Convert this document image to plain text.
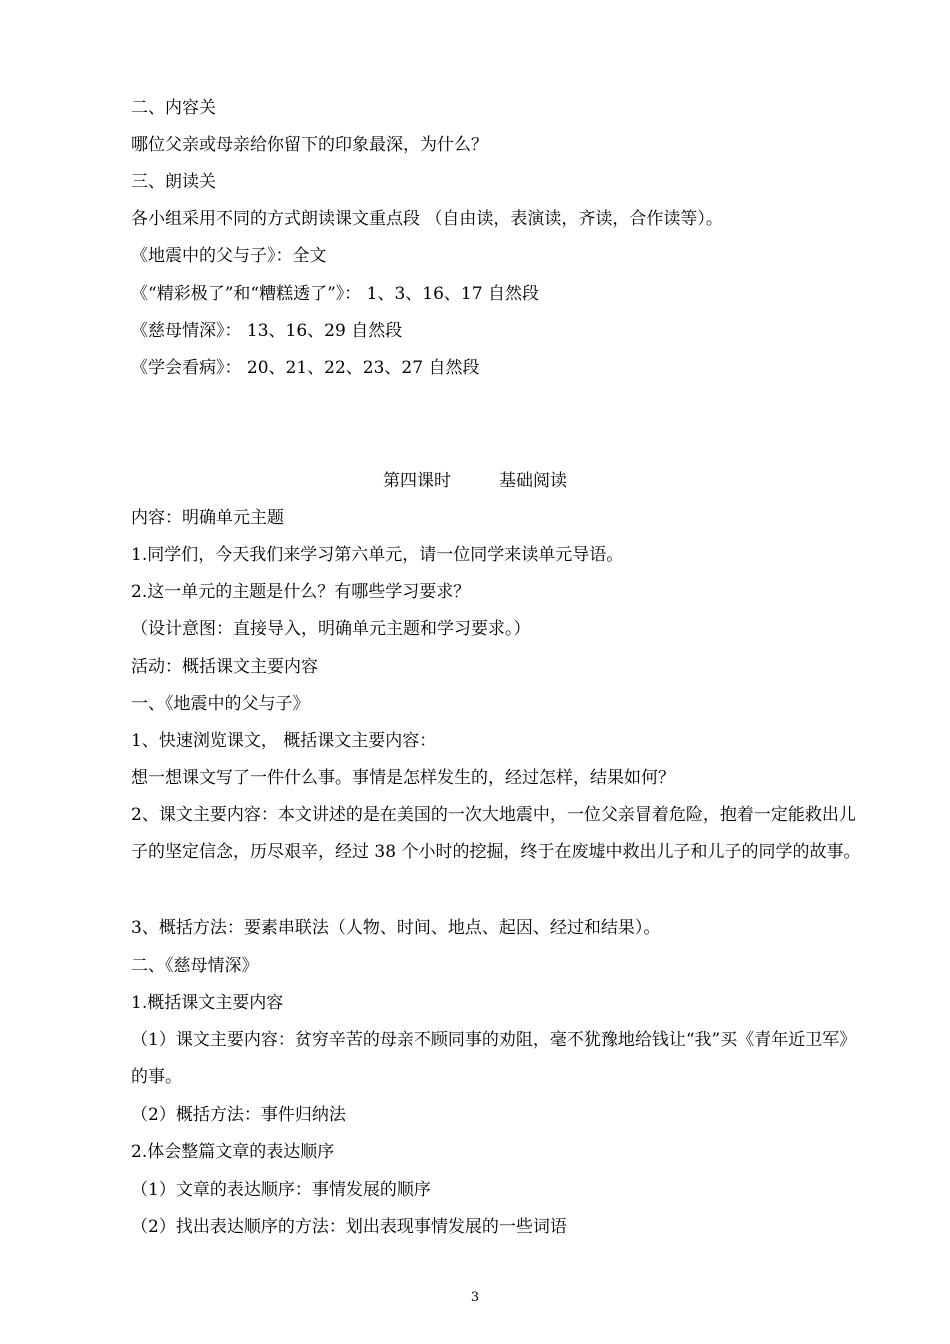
二、内容关
哪位父亲或母亲给你留下的印象最深，为什么？
三、朗读关
各小组采用不同的方式朗读课文重点段 （自由读，表演读，齐读，合作读等）。
《地震中的父与子》：全文
《“精彩极了”和“糟糕透了”》： 1、3、16、17 自然段
《慈母情深》： 13、16、29 自然段
《学会看病》： 20、21、22、23、27 自然段
第四课时	基础阅读
内容：明确单元主题
1.同学们，今天我们来学习第六单元，请一位同学来读单元导语。
2.这一单元的主题是什么？有哪些学习要求？
（设计意图：直接导入，明确单元主题和学习要求。）
活动：概括课文主要内容
一、《地震中的父与子》
1、快速浏览课文， 概括课文主要内容：
想一想课文写了一件什么事。事情是怎样发生的，经过怎样，结果如何？
2、课文主要内容：本文讲述的是在美国的一次大地震中，一位父亲冒着危险，抱着一定能救出儿子的坚定信念，历尽艰辛，经过 38 个小时的挖掘，终于在废墟中救出儿子和儿子的同学的故事。
3、概括方法：要素串联法（人物、时间、地点、起因、经过和结果）。
二、《慈母情深》
1.概括课文主要内容
（1）课文主要内容：贫穷辛苦的母亲不顾同事的劝阻，毫不犹豫地给钱让“我”买《青年近卫军》的事。
（2）概括方法：事件归纳法
2.体会整篇文章的表达顺序
（1）文章的表达顺序：事情发展的顺序
（2）找出表达顺序的方法：划出表现事情发展的一些词语
3
